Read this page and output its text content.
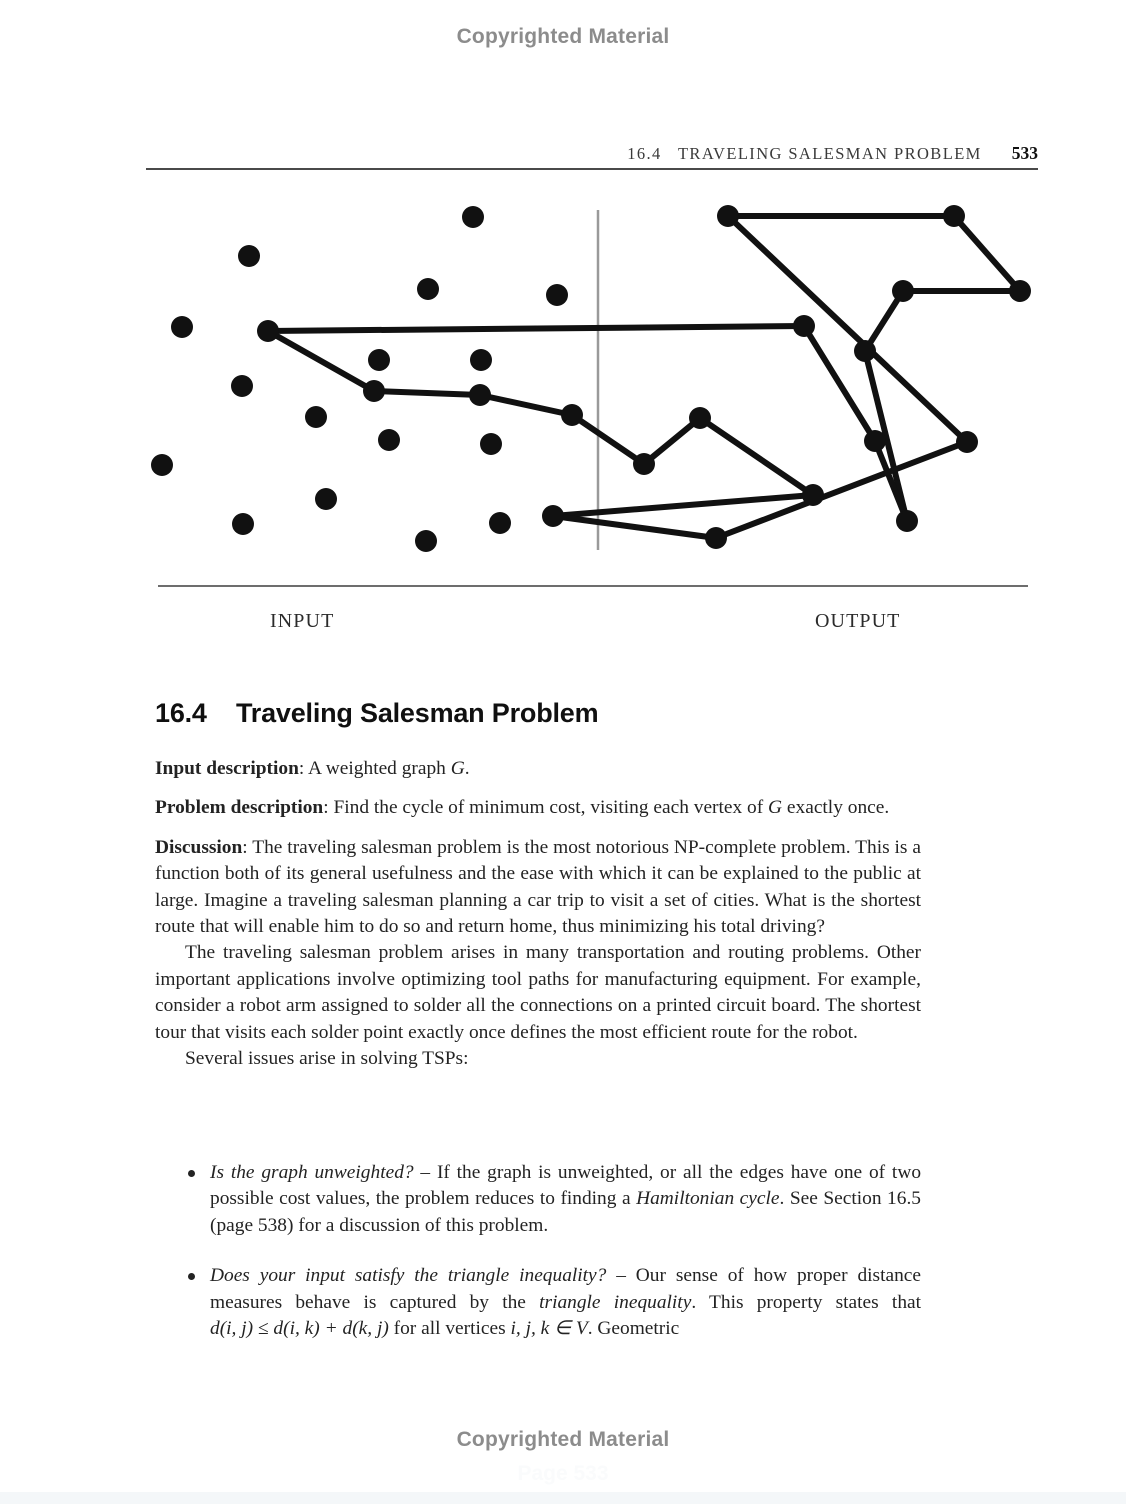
Copyrighted Material
16.4   TRAVELING SALESMAN PROBLEM 533
INPUT	OUTPUT
16.4    Traveling Salesman Problem

Input description: A weighted graph G.

Problem description: Find the cycle of minimum cost, visiting each vertex of G exactly once.

Discussion: The traveling salesman problem is the most notorious NP-complete problem. This is a function both of its general usefulness and the ease with which it can be explained to the public at large. Imagine a traveling salesman planning a car trip to visit a set of cities. What is the shortest route that will enable him to do so and return home, thus minimizing his total driving?

The traveling salesman problem arises in many transportation and routing problems. Other important applications involve optimizing tool paths for manufacturing equipment. For example, consider a robot arm assigned to solder all the connections on a printed circuit board. The shortest tour that visits each solder point exactly once defines the most efficient route for the robot.

Several issues arise in solving TSPs:

Is the graph unweighted? – If the graph is unweighted, or all the edges have one of two possible cost values, the problem reduces to finding a Hamiltonian cycle. See Section 16.5 (page 538) for a discussion of this problem.
Does your input satisfy the triangle inequality? – Our sense of how proper distance measures behave is captured by the triangle inequality. This property states that d(i, j) ≤ d(i, k) + d(k, j) for all vertices i, j, k ∈ V. Geometric
Copyrighted Material
Page 533
